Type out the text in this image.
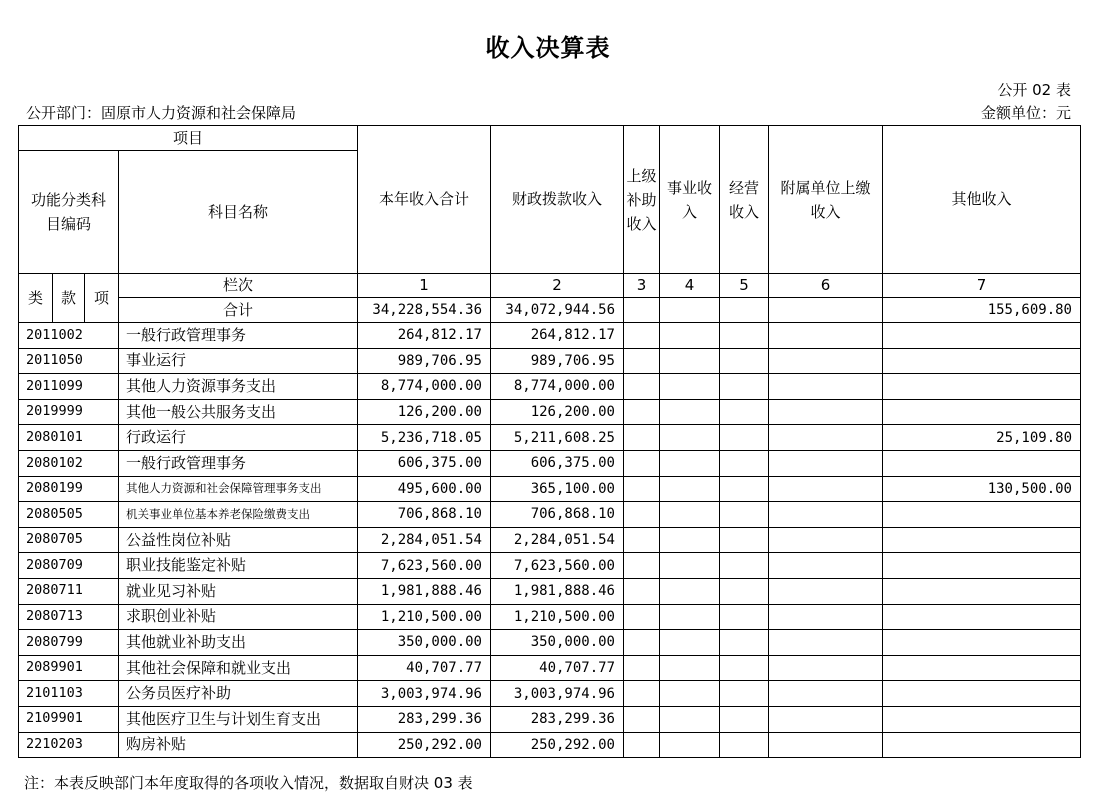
收入决算表
公开 02 表
公开部门：固原市人力资源和社会保障局	金额单位：元
项目				本年收入合计	财政拨款收入	上级补助收入	事业收入	经营收入	附属单位上缴收入	其他收入
功能分类科目编码			科目名称							
类	款	项	栏次	1	2	3	4	5	6	7
			合计	34,228,554.36	34,072,944.56					155,609.80
2011002			一般行政管理事务	264,812.17	264,812.17					
2011050			事业运行	989,706.95	989,706.95					
2011099			其他人力资源事务支出	8,774,000.00	8,774,000.00					
2019999			其他一般公共服务支出	126,200.00	126,200.00					
2080101			行政运行	5,236,718.05	5,211,608.25					25,109.80
2080102			一般行政管理事务	606,375.00	606,375.00					
2080199			其他人力资源和社会保障管理事务支出	495,600.00	365,100.00					130,500.00
2080505			机关事业单位基本养老保险缴费支出	706,868.10	706,868.10					
2080705			公益性岗位补贴	2,284,051.54	2,284,051.54					
2080709			职业技能鉴定补贴	7,623,560.00	7,623,560.00					
2080711			就业见习补贴	1,981,888.46	1,981,888.46					
2080713			求职创业补贴	1,210,500.00	1,210,500.00					
2080799			其他就业补助支出	350,000.00	350,000.00					
2089901			其他社会保障和就业支出	40,707.77	40,707.77					
2101103			公务员医疗补助	3,003,974.96	3,003,974.96					
2109901			其他医疗卫生与计划生育支出	283,299.36	283,299.36					
2210203			购房补贴	250,292.00	250,292.00					
注：本表反映部门本年度取得的各项收入情况，数据取自财决 03 表
